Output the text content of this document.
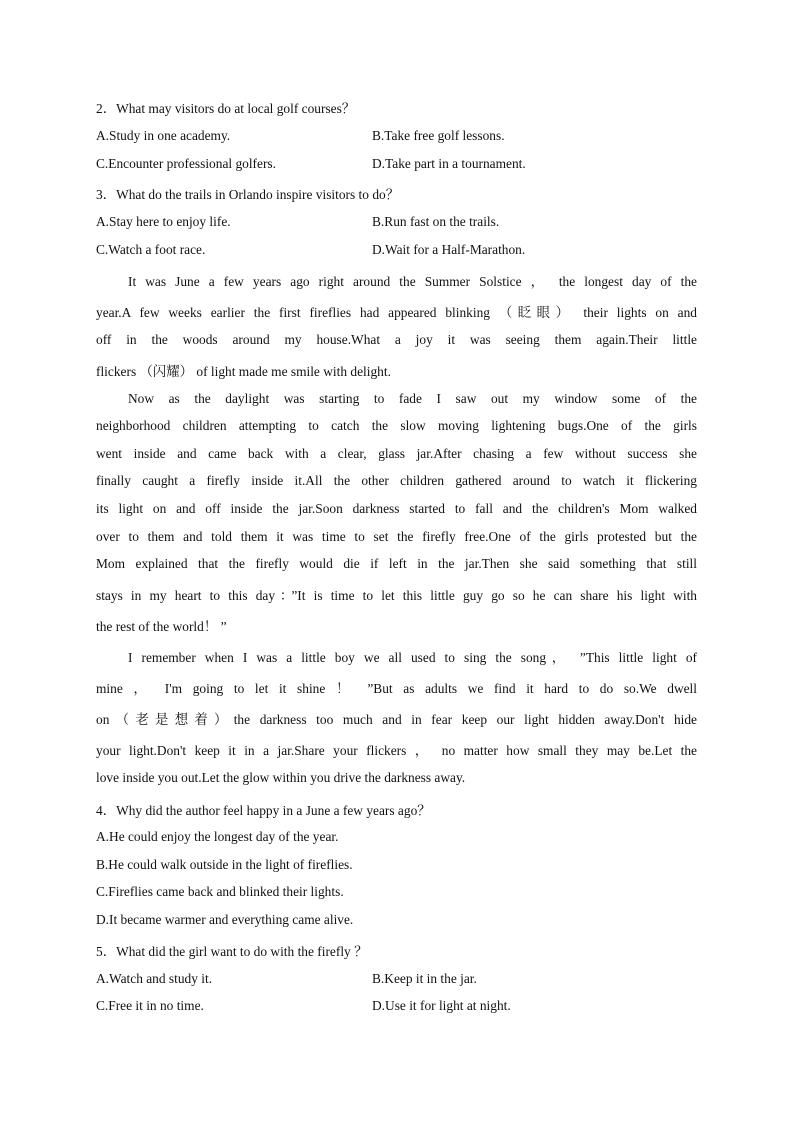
2．What may visitors do at local golf courses？
A.Study in one academy.	B.Take free golf lessons.
C.Encounter professional golfers.	D.Take part in a tournament.
3．What do the trails in Orlando inspire visitors to do？
A.Stay here to enjoy life.	B.Run fast on the trails.
C.Watch a foot race.	D.Wait for a Half-Marathon.
It was June a few years ago right around the Summer Solstice ， the longest day of the
year.A few weeks earlier the first fireflies had appeared blinking （眨眼） their lights on and
off in the woods around my house.What a joy it was seeing them again.Their little
flickers （闪耀） of light made me smile with delight.
Now as the daylight was starting to fade I saw out my window some of the
neighborhood children attempting to catch the slow moving lightening bugs.One of the girls
went inside and came back with a clear, glass jar.After chasing a few without success she
finally caught a firefly inside it.All the other children gathered around to watch it flickering
its light on and off inside the jar.Soon darkness started to fall and the children's Mom walked
over to them and told them it was time to set the firefly free.One of the girls protested but the
Mom explained that the firefly would die if left in the jar.Then she said something that still
stays in my heart to this day：”It is time to let this little guy go so he can share his light with
the rest of the world！ ”
I remember when I was a little boy we all used to sing the song， ”This little light of
mine ， I'm going to let it shine ！ ”But as adults we find it hard to do so.We dwell
on（老是想着）the darkness too much and in fear keep our light hidden away.Don't hide
your light.Don't keep it in a jar.Share your flickers ， no matter how small they may be.Let the
love inside you out.Let the glow within you drive the darkness away.
4．Why did the author feel happy in a June a few years ago？
A.He could enjoy the longest day of the year.
B.He could walk outside in the light of fireflies.
C.Fireflies came back and blinked their lights.
D.It became warmer and everything came alive.
5．What did the girl want to do with the firefly ？
A.Watch and study it.	B.Keep it in the jar.
C.Free it in no time.	D.Use it for light at night.
